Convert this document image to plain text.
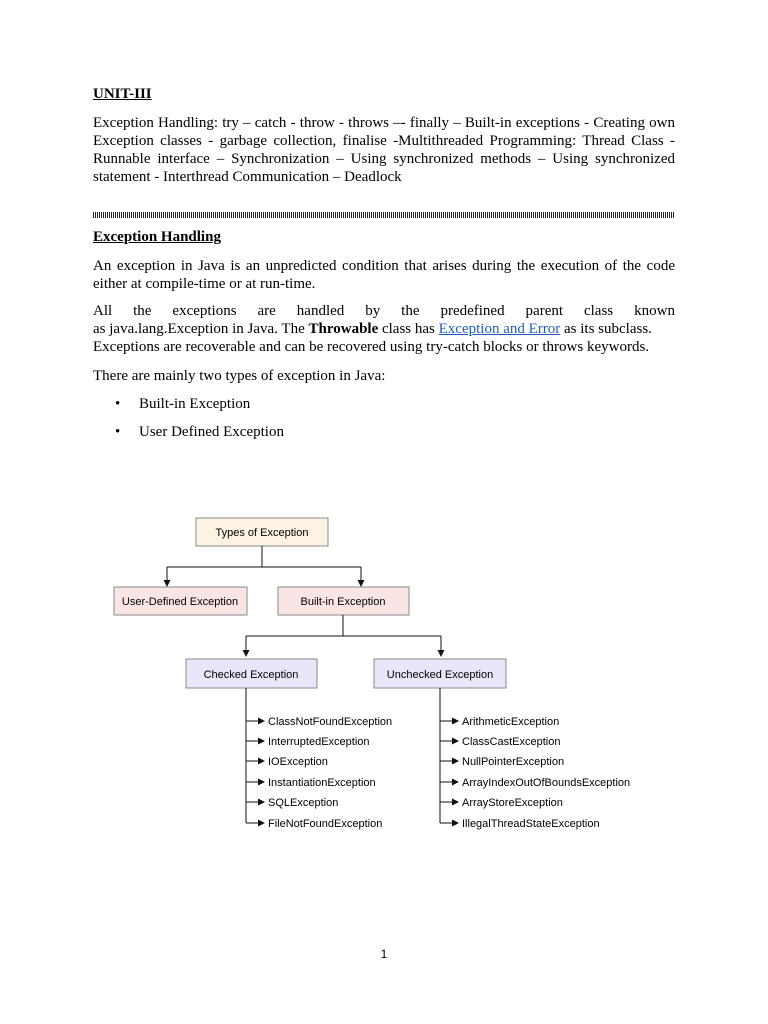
UNIT-III

Exception Handling: try – catch - throw - throws –- finally – Built-in exceptions - Creating own Exception classes - garbage collection, finalise -Multithreaded Programming: Thread Class - Runnable interface – Synchronization – Using synchronized methods – Using synchronized statement - Interthread Communication – Deadlock

Exception Handling

An exception in Java is an unpredicted condition that arises during the execution of the code either at compile-time or at run-time.

All the exceptions are handled by the predefined parent class known
as java.lang.Exception in Java. The Throwable class has Exception and Error as its subclass.
Exceptions are recoverable and can be recovered using try-catch blocks or throws keywords.

There are mainly two types of exception in Java:

• Built-in Exception
• User Defined Exception
Types of Exception
User-Defined Exception	Built-in Exception
Checked Exception	Unchecked Exception
ClassNotFoundException
InterruptedException
IOException
InstantiationException
SQLException
FileNotFoundException
ArithmeticException
ClassCastException
NullPointerException
ArrayIndexOutOfBoundsException
ArrayStoreException
IllegalThreadStateException
1
